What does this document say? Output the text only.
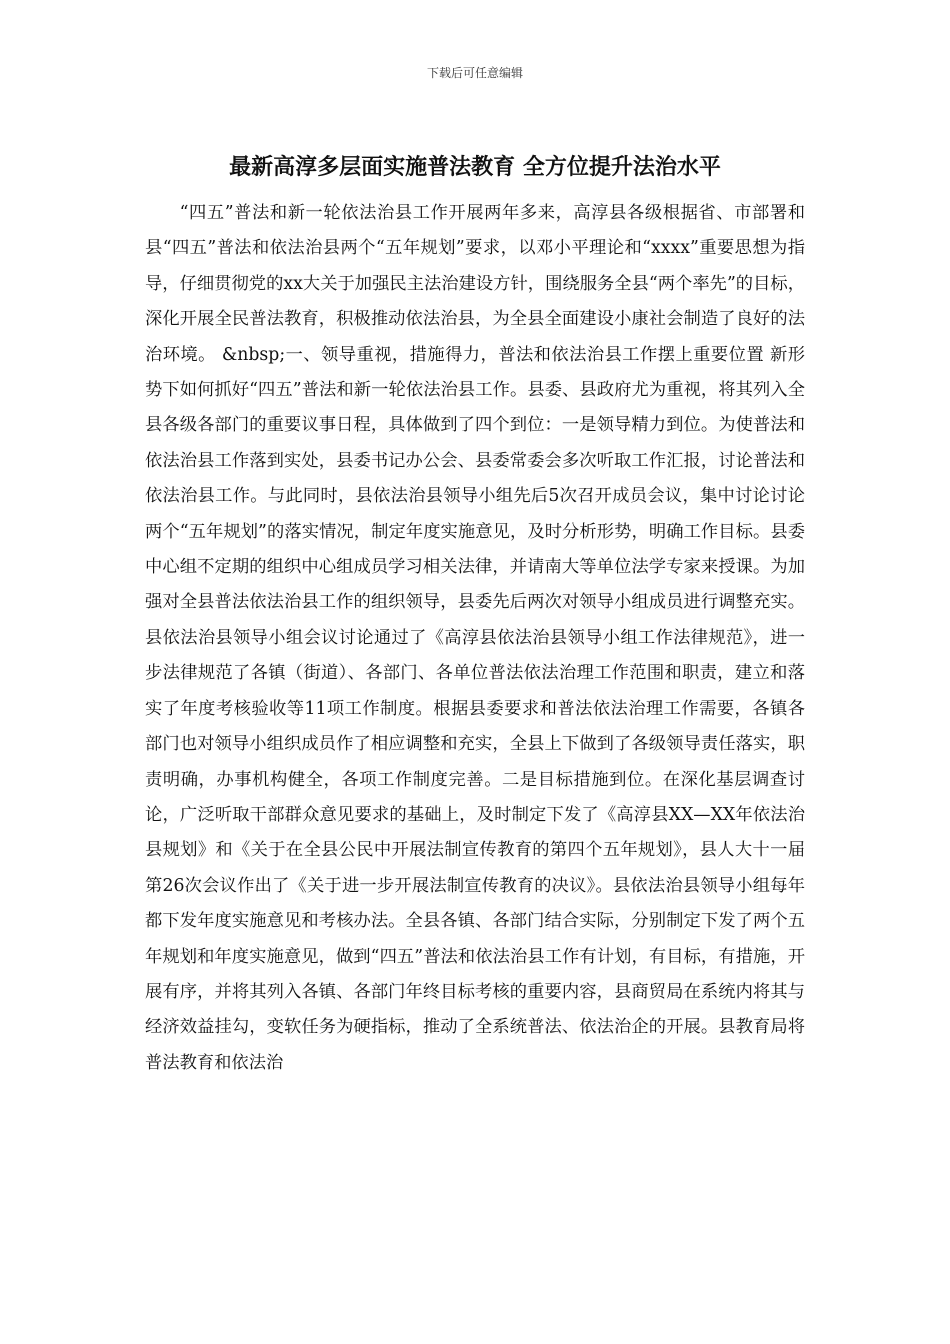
下载后可任意编辑
最新高淳多层面实施普法教育 全方位提升法治水平

“四五”普法和新一轮依法治县工作开展两年多来，高淳县各级根据省、市部署和县“四五”普法和依法治县两个“五年规划”要求，以邓小平理论和“xxxx”重要思想为指导，仔细贯彻党的xx大关于加强民主法治建设方针，围绕服务全县“两个率先”的目标，深化开展全民普法教育，积极推动依法治县，为全县全面建设小康社会制造了良好的法治环境。 &nbsp;一、领导重视，措施得力，普法和依法治县工作摆上重要位置 新形势下如何抓好“四五”普法和新一轮依法治县工作。县委、县政府尤为重视，将其列入全县各级各部门的重要议事日程，具体做到了四个到位：一是领导精力到位。为使普法和依法治县工作落到实处，县委书记办公会、县委常委会多次听取工作汇报，讨论普法和依法治县工作。与此同时，县依法治县领导小组先后5次召开成员会议，集中讨论讨论两个“五年规划”的落实情况，制定年度实施意见，及时分析形势，明确工作目标。县委中心组不定期的组织中心组成员学习相关法律，并请南大等单位法学专家来授课。为加强对全县普法依法治县工作的组织领导，县委先后两次对领导小组成员进行调整充实。县依法治县领导小组会议讨论通过了《高淳县依法治县领导小组工作法律规范》，进一步法律规范了各镇（街道）、各部门、各单位普法依法治理工作范围和职责，建立和落实了年度考核验收等11项工作制度。根据县委要求和普法依法治理工作需要，各镇各部门也对领导小组织成员作了相应调整和充实，全县上下做到了各级领导责任落实，职责明确，办事机构健全，各项工作制度完善。二是目标措施到位。在深化基层调查讨论，广泛听取干部群众意见要求的基础上，及时制定下发了《高淳县XX—XX年依法治县规划》和《关于在全县公民中开展法制宣传教育的第四个五年规划》，县人大十一届第26次会议作出了《关于进一步开展法制宣传教育的决议》。县依法治县领导小组每年都下发年度实施意见和考核办法。全县各镇、各部门结合实际，分别制定下发了两个五年规划和年度实施意见，做到“四五”普法和依法治县工作有计划，有目标，有措施，开展有序，并将其列入各镇、各部门年终目标考核的重要内容，县商贸局在系统内将其与经济效益挂勾，变软任务为硬指标，推动了全系统普法、依法治企的开展。县教育局将普法教育和依法治
